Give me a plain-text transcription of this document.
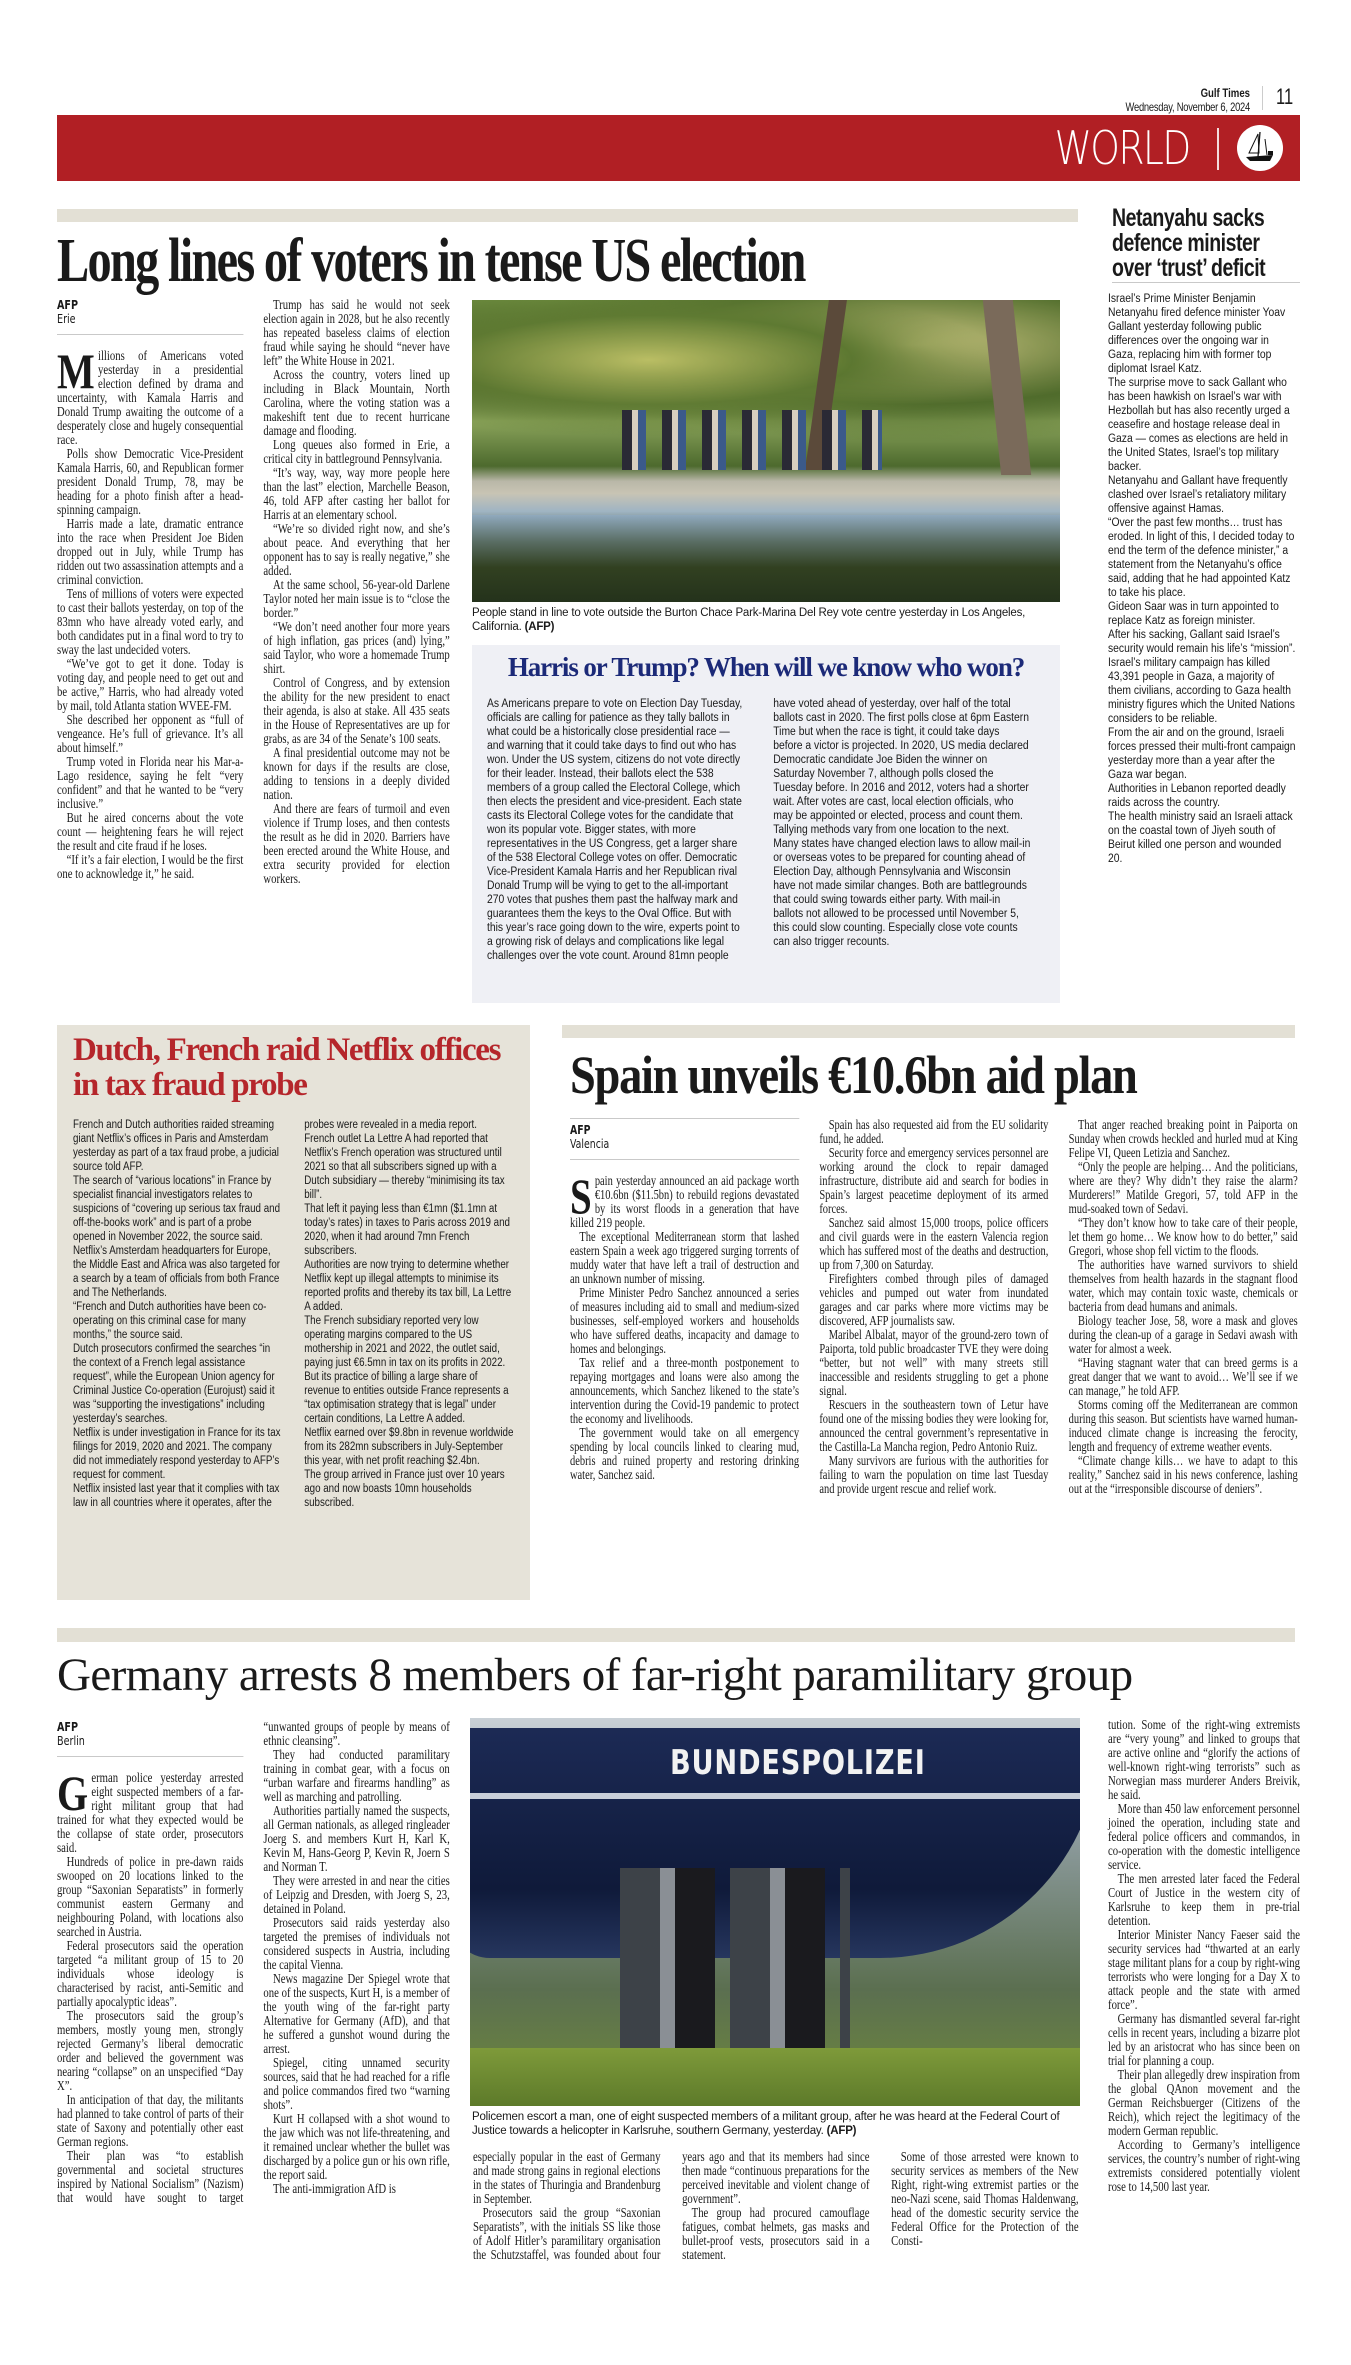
Gulf Times
Wednesday, November 6, 2024 11
WORLD
Long lines of voters in tense US election
AFP
Erie

Millions of Americans voted yesterday in a presidential election defined by drama and uncertainty, with Kamala Harris and Donald Trump awaiting the outcome of a desperately close and hugely consequential race.

Polls show Democratic Vice-President Kamala Harris, 60, and Republican former president Donald Trump, 78, may be heading for a photo finish after a head-spinning campaign.

Harris made a late, dramatic entrance into the race when President Joe Biden dropped out in July, while Trump has ridden out two assassination attempts and a criminal conviction.

Tens of millions of voters were expected to cast their ballots yesterday, on top of the 83mn who have already voted early, and both candidates put in a final word to try to sway the last undecided voters.

“We’ve got to get it done. Today is voting day, and people need to get out and be active,” Harris, who had already voted by mail, told Atlanta station WVEE-FM.

She described her opponent as “full of vengeance. He’s full of grievance. It’s all about himself.”

Trump voted in Florida near his Mar-a-Lago residence, saying he felt “very confident” and that he wanted to be “very inclusive.”

But he aired concerns about the vote count — heightening fears he will reject the result and cite fraud if he loses.

“If it’s a fair election, I would be the first one to acknowledge it,” he said.

Trump has said he would not seek election again in 2028, but he also recently has repeated baseless claims of election fraud while saying he should “never have left” the White House in 2021.

Across the country, voters lined up including in Black Mountain, North Carolina, where the voting station was a makeshift tent due to recent hurricane damage and flooding.

Long queues also formed in Erie, a critical city in battleground Pennsylvania.

“It’s way, way, way more people here than the last” election, Marchelle Beason, 46, told AFP after casting her ballot for Harris at an elementary school.

“We’re so divided right now, and she’s about peace. And everything that her opponent has to say is really negative,” she added.

At the same school, 56-year-old Darlene Taylor noted her main issue is to “close the border.”

“We don’t need another four more years of high inflation, gas prices (and) lying,” said Taylor, who wore a homemade Trump shirt.

Control of Congress, and by extension the ability for the new president to enact their agenda, is also at stake. All 435 seats in the House of Representatives are up for grabs, as are 34 of the Senate’s 100 seats.

A final presidential outcome may not be known for days if the results are close, adding to tensions in a deeply divided nation.

And there are fears of turmoil and even violence if Trump loses, and then contests the result as he did in 2020. Barriers have been erected around the White House, and extra security provided for election workers.

People stand in line to vote outside the Burton Chace Park-Marina Del Rey vote centre yesterday in Los Angeles, California. (AFP)
Harris or Trump? When will we know who won?

As Americans prepare to vote on Election Day Tuesday, officials are calling for patience as they tally ballots in what could be a historically close presidential race — and warning that it could take days to find out who has won. Under the US system, citizens do not vote directly for their leader. Instead, their ballots elect the 538 members of a group called the Electoral College, which then elects the president and vice-president. Each state casts its Electoral College votes for the candidate that won its popular vote. Bigger states, with more representatives in the US Congress, get a larger share of the 538 Electoral College votes on offer. Democratic Vice-President Kamala Harris and her Republican rival Donald Trump will be vying to get to the all-important 270 votes that pushes them past the halfway mark and guarantees them the keys to the Oval Office. But with this year’s race going down to the wire, experts point to a growing risk of delays and complications like legal challenges over the vote count. Around 81mn people have voted ahead of yesterday, over half of the total ballots cast in 2020. The first polls close at 6pm Eastern Time but when the race is tight, it could take days before a victor is projected. In 2020, US media declared Democratic candidate Joe Biden the winner on Saturday November 7, although polls closed the Tuesday before. In 2016 and 2012, voters had a shorter wait. After votes are cast, local election officials, who may be appointed or elected, process and count them. Tallying methods vary from one location to the next. Many states have changed election laws to allow mail-in or overseas votes to be prepared for counting ahead of Election Day, although Pennsylvania and Wisconsin have not made similar changes. Both are battlegrounds that could swing towards either party. With mail-in ballots not allowed to be processed until November 5, this could slow counting. Especially close vote counts can also trigger recounts.

Netanyahu sacks defence minister over ‘trust’ deficit

Israel’s Prime Minister Benjamin Netanyahu fired defence minister Yoav Gallant yesterday following public differences over the ongoing war in Gaza, replacing him with former top diplomat Israel Katz.

The surprise move to sack Gallant who has been hawkish on Israel’s war with Hezbollah but has also recently urged a ceasefire and hostage release deal in Gaza — comes as elections are held in the United States, Israel’s top military backer.

Netanyahu and Gallant have frequently clashed over Israel’s retaliatory military offensive against Hamas.

“Over the past few months… trust has eroded. In light of this, I decided today to end the term of the defence minister,” a statement from the Netanyahu’s office said, adding that he had appointed Katz to take his place.

Gideon Saar was in turn appointed to replace Katz as foreign minister.

After his sacking, Gallant said Israel’s security would remain his life’s “mission”.

Israel’s military campaign has killed 43,391 people in Gaza, a majority of them civilians, according to Gaza health ministry figures which the United Nations considers to be reliable.

From the air and on the ground, Israeli forces pressed their multi-front campaign yesterday more than a year after the Gaza war began.

Authorities in Lebanon reported deadly raids across the country.

The health ministry said an Israeli attack on the coastal town of Jiyeh south of Beirut killed one person and wounded 20.

Dutch, French raid Netflix offices in tax fraud probe

French and Dutch authorities raided streaming giant Netflix’s offices in Paris and Amsterdam yesterday as part of a tax fraud probe, a judicial source told AFP.

The search of “various locations” in France by specialist financial investigators relates to suspicions of “covering up serious tax fraud and off-the-books work” and is part of a probe opened in November 2022, the source said. Netflix’s Amsterdam headquarters for Europe, the Middle East and Africa was also targeted for a search by a team of officials from both France and The Netherlands.

“French and Dutch authorities have been co-operating on this criminal case for many months,” the source said.

Dutch prosecutors confirmed the searches “in the context of a French legal assistance request”, while the European Union agency for Criminal Justice Co-operation (Eurojust) said it was “supporting the investigations” including yesterday’s searches.

Netflix is under investigation in France for its tax filings for 2019, 2020 and 2021. The company did not immediately respond yesterday to AFP’s request for comment.

Netflix insisted last year that it complies with tax law in all countries where it operates, after the probes were revealed in a media report.

French outlet La Lettre A had reported that Netflix’s French operation was structured until 2021 so that all subscribers signed up with a Dutch subsidiary — thereby “minimising its tax bill”.

That left it paying less than €1mn ($1.1mn at today’s rates) in taxes to Paris across 2019 and 2020, when it had around 7mn French subscribers.

Authorities are now trying to determine whether Netflix kept up illegal attempts to minimise its reported profits and thereby its tax bill, La Lettre A added.

The French subsidiary reported very low operating margins compared to the US mothership in 2021 and 2022, the outlet said, paying just €6.5mn in tax on its profits in 2022.

But its practice of billing a large share of revenue to entities outside France represents a “tax optimisation strategy that is legal” under certain conditions, La Lettre A added.

Netflix earned over $9.8bn in revenue worldwide from its 282mn subscribers in July-September this year, with net profit reaching $2.4bn.

The group arrived in France just over 10 years ago and now boasts 10mn households subscribed.

Spain unveils €10.6bn aid plan
AFP
Valencia

Spain yesterday announced an aid package worth €10.6bn ($11.5bn) to rebuild regions devastated by its worst floods in a generation that have killed 219 people.

The exceptional Mediterranean storm that lashed eastern Spain a week ago triggered surging torrents of muddy water that have left a trail of destruction and an unknown number of missing.

Prime Minister Pedro Sanchez announced a series of measures including aid to small and medium-sized businesses, self-employed workers and households who have suffered deaths, incapacity and damage to homes and belongings.

Tax relief and a three-month postponement to repaying mortgages and loans were also among the announcements, which Sanchez likened to the state’s intervention during the Covid-19 pandemic to protect the economy and livelihoods.

The government would take on all emergency spending by local councils linked to clearing mud, debris and ruined property and restoring drinking water, Sanchez said.

Spain has also requested aid from the EU solidarity fund, he added.

Security force and emergency services personnel are working around the clock to repair damaged infrastructure, distribute aid and search for bodies in Spain’s largest peacetime deployment of its armed forces.

Sanchez said almost 15,000 troops, police officers and civil guards were in the eastern Valencia region which has suffered most of the deaths and destruction, up from 7,300 on Saturday.

Firefighters combed through piles of damaged vehicles and pumped out water from inundated garages and car parks where more victims may be discovered, AFP journalists saw.

Maribel Albalat, mayor of the ground-zero town of Paiporta, told public broadcaster TVE they were doing “better, but not well” with many streets still inaccessible and residents struggling to get a phone signal.

Rescuers in the southeastern town of Letur have found one of the missing bodies they were looking for, announced the central government’s representative in the Castilla-La Mancha region, Pedro Antonio Ruiz.

Many survivors are furious with the authorities for failing to warn the population on time last Tuesday and provide urgent rescue and relief work.

That anger reached breaking point in Paiporta on Sunday when crowds heckled and hurled mud at King Felipe VI, Queen Letizia and Sanchez.

“Only the people are helping… And the politicians, where are they? Why didn’t they raise the alarm? Murderers!” Matilde Gregori, 57, told AFP in the mud-soaked town of Sedavi.

“They don’t know how to take care of their people, let them go home… We know how to do better,” said Gregori, whose shop fell victim to the floods.

The authorities have warned survivors to shield themselves from health hazards in the stagnant flood water, which may contain toxic waste, chemicals or bacteria from dead humans and animals.

Biology teacher Jose, 58, wore a mask and gloves during the clean-up of a garage in Sedavi awash with water for almost a week.

“Having stagnant water that can breed germs is a great danger that we want to avoid… We’ll see if we can manage,” he told AFP.

Storms coming off the Mediterranean are common during this season. But scientists have warned human-induced climate change is increasing the ferocity, length and frequency of extreme weather events.

“Climate change kills… we have to adapt to this reality,” Sanchez said in his news conference, lashing out at the “irresponsible discourse of deniers”.

Germany arrests 8 members of far-right paramilitary group
AFP
Berlin

German police yesterday arrested eight suspected members of a far-right militant group that had trained for what they expected would be the collapse of state order, prosecutors said.

Hundreds of police in pre-dawn raids swooped on 20 locations linked to the group “Saxonian Separatists” in formerly communist eastern Germany and neighbouring Poland, with locations also searched in Austria.

Federal prosecutors said the operation targeted “a militant group of 15 to 20 individuals whose ideology is characterised by racist, anti-Semitic and partially apocalyptic ideas”.

The prosecutors said the group’s members, mostly young men, strongly rejected Germany’s liberal democratic order and believed the government was nearing “collapse” on an unspecified “Day X”.

In anticipation of that day, the militants had planned to take control of parts of their state of Saxony and potentially other east German regions.

Their plan was “to establish governmental and societal structures inspired by National Socialism” (Nazism) that would have sought to target “unwanted groups of people by means of ethnic cleansing”.

They had conducted paramilitary training in combat gear, with a focus on “urban warfare and firearms handling” as well as marching and patrolling.

Authorities partially named the suspects, all German nationals, as alleged ringleader Joerg S. and members Kurt H, Karl K, Kevin M, Hans-Georg P, Kevin R, Joern S and Norman T.

They were arrested in and near the cities of Leipzig and Dresden, with Joerg S, 23, detained in Poland.

Prosecutors said raids yesterday also targeted the premises of individuals not considered suspects in Austria, including the capital Vienna.

News magazine Der Spiegel wrote that one of the suspects, Kurt H, is a member of the youth wing of the far-right party Alternative for Germany (AfD), and that he suffered a gunshot wound during the arrest.

Spiegel, citing unnamed security sources, said that he had reached for a rifle and police commandos fired two “warning shots”.

Kurt H collapsed with a shot wound to the jaw which was not life-threatening, and it remained unclear whether the bullet was discharged by a police gun or his own rifle, the report said.

The anti-immigration AfD is

BUNDESPOLIZEI
Policemen escort a man, one of eight suspected members of a militant group, after he was heard at the Federal Court of Justice towards a helicopter in Karlsruhe, southern Germany, yesterday. (AFP)

especially popular in the east of Germany and made strong gains in regional elections in the states of Thuringia and Brandenburg in September.

Prosecutors said the group “Saxonian Separatists”, with the initials SS like those of Adolf Hitler’s paramilitary organisation the Schutzstaffel, was founded about four years ago and that its members had since then made “continuous preparations for the perceived inevitable and violent change of government”.

The group had procured camouflage fatigues, combat helmets, gas masks and bullet-proof vests, prosecutors said in a statement.

Some of those arrested were known to security services as members of the New Right, right-wing extremist parties or the neo-Nazi scene, said Thomas Haldenwang, head of the domestic security service the Federal Office for the Protection of the Consti-

tution. Some of the right-wing extremists are “very young” and linked to groups that are active online and “glorify the actions of well-known right-wing terrorists” such as Norwegian mass murderer Anders Breivik, he said.

More than 450 law enforcement personnel joined the operation, including state and federal police officers and commandos, in co-operation with the domestic intelligence service.

The men arrested later faced the Federal Court of Justice in the western city of Karlsruhe to keep them in pre-trial detention.

Interior Minister Nancy Faeser said the security services had “thwarted at an early stage militant plans for a coup by right-wing terrorists who were longing for a Day X to attack people and the state with armed force”.

Germany has dismantled several far-right cells in recent years, including a bizarre plot led by an aristocrat who has since been on trial for planning a coup.

Their plan allegedly drew inspiration from the global QAnon movement and the German Reichsbuerger (Citizens of the Reich), which reject the legitimacy of the modern German republic.

According to Germany’s intelligence services, the country’s number of right-wing extremists considered potentially violent rose to 14,500 last year.
